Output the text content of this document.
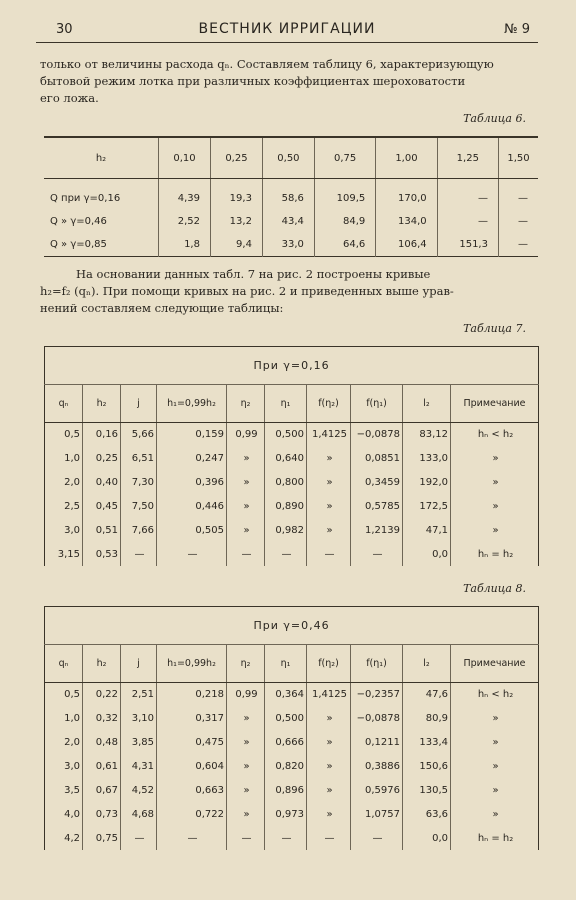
30	ВЕСТНИК ИРРИГАЦИИ	№ 9

только от величины расхода qₙ. Составляем таблицу 6, характеризующую

бытовой режим лотка при различных коэффициентах шероховатости

его ложа.

Таблица 6.
h₂	0,10	0,25	0,50	0,75	1,00	1,25	1,50
Q при γ=0,16	4,39	19,3	58,6	109,5	170,0	—	—
Q » γ=0,46	2,52	13,2	43,4	84,9	134,0	—	—
Q » γ=0,85	1,8	9,4	33,0	64,6	106,4	151,3	—

На основании данных табл. 7 на рис. 2 построены кривые

h₂=f₂ (qₙ). При помощи кривых на рис. 2 и приведенных выше урав-

нений составляем следующие таблицы:

Таблица 7.
При γ=0,16									
qₙ	h₂	j	h₁=0,99h₂	η₂	η₁	f(η₂)	f(η₁)	l₂	Примечание
0,5	0,16	5,66	0,159	0,99	0,500	1,4125	−0,0878	83,12	hₙ < h₂
1,0	0,25	6,51	0,247	»	0,640	»	0,0851	133,0	»
2,0	0,40	7,30	0,396	»	0,800	»	0,3459	192,0	»
2,5	0,45	7,50	0,446	»	0,890	»	0,5785	172,5	»
3,0	0,51	7,66	0,505	»	0,982	»	1,2139	47,1	»
3,15	0,53	—	—	—	—	—	—	0,0	hₙ = h₂
Таблица 8.
При γ=0,46									
qₙ	h₂	j	h₁=0,99h₂	η₂	η₁	f(η₂)	f(η₁)	l₂	Примечание
0,5	0,22	2,51	0,218	0,99	0,364	1,4125	−0,2357	47,6	hₙ < h₂
1,0	0,32	3,10	0,317	»	0,500	»	−0,0878	80,9	»
2,0	0,48	3,85	0,475	»	0,666	»	0,1211	133,4	»
3,0	0,61	4,31	0,604	»	0,820	»	0,3886	150,6	»
3,5	0,67	4,52	0,663	»	0,896	»	0,5976	130,5	»
4,0	0,73	4,68	0,722	»	0,973	»	1,0757	63,6	»
4,2	0,75	—	—	—	—	—	—	0,0	hₙ = h₂
